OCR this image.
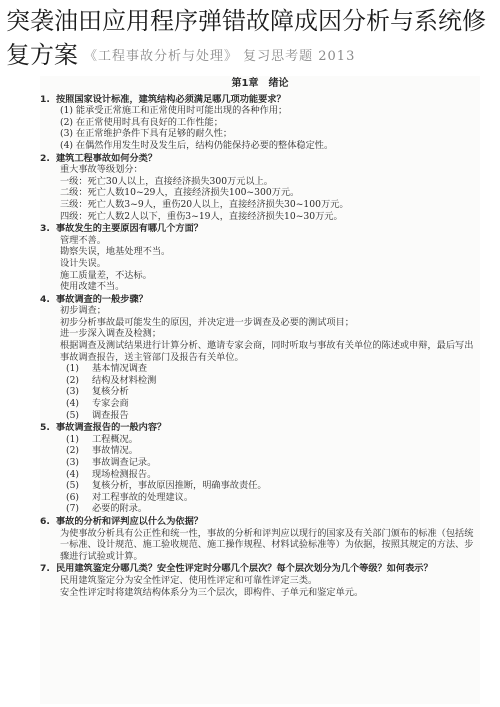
突袭油田应用程序弹错故障成因分析与系统修复方案 $^{《工程事故分析与处理》 复习思考题 2013}$
第1章　绪论
1. 按照国家设计标准，建筑结构必须满足哪几项功能要求？
(1) 能承受正常施工和正常使用时可能出现的各种作用；
(2) 在正常使用时具有良好的工作性能；
(3) 在正常维护条件下具有足够的耐久性；
(4) 在偶然作用发生时及发生后，结构仍能保持必要的整体稳定性。
2. 建筑工程事故如何分类？
重大事故等级划分：
一级：死亡30人以上，直接经济损失300万元以上。
二级：死亡人数10~29人，直接经济损失100~300万元。
三级：死亡人数3~9人，重伤20人以上，直接经济损失30~100万元。
四级：死亡人数2人以下，重伤3~19人，直接经济损失10~30万元。
3. 事故发生的主要原因有哪几个方面？
管理不善。
勘察失误，地基处理不当。
设计失误。
施工质量差，不达标。
使用改建不当。
4. 事故调查的一般步骤？
初步调查；
初步分析事故最可能发生的原因，并决定进一步调查及必要的测试项目；
进一步深入调查及检测；
根据调查及测试结果进行计算分析、邀请专家会商，同时听取与事故有关单位的陈述或申辩，最后写出事故调查报告，送主管部门及报告有关单位。
(1) 基本情况调查
(2) 结构及材料检测
(3) 复核分析
(4) 专家会商
(5) 调查报告
5. 事故调查报告的一般内容？
(1) 工程概况。
(2) 事故情况。
(3) 事故调查记录。
(4) 现场检测报告。
(5) 复核分析，事故原因推断，明确事故责任。
(6) 对工程事故的处理建议。
(7) 必要的附录。
6. 事故的分析和评判应以什么为依据？
为使事故分析具有公正性和统一性，事故的分析和评判应以现行的国家及有关部门颁布的标准（包括统一标准、设计规范、施工验收规范、施工操作规程、材料试验标准等）为依据，按照其规定的方法、步骤进行试验或计算。
7. 民用建筑鉴定分哪几类？安全性评定时分哪几个层次？每个层次划分为几个等级？如何表示？
民用建筑鉴定分为安全性评定、使用性评定和可靠性评定三类。
安全性评定时将建筑结构体系分为三个层次，即构件、子单元和鉴定单元。
